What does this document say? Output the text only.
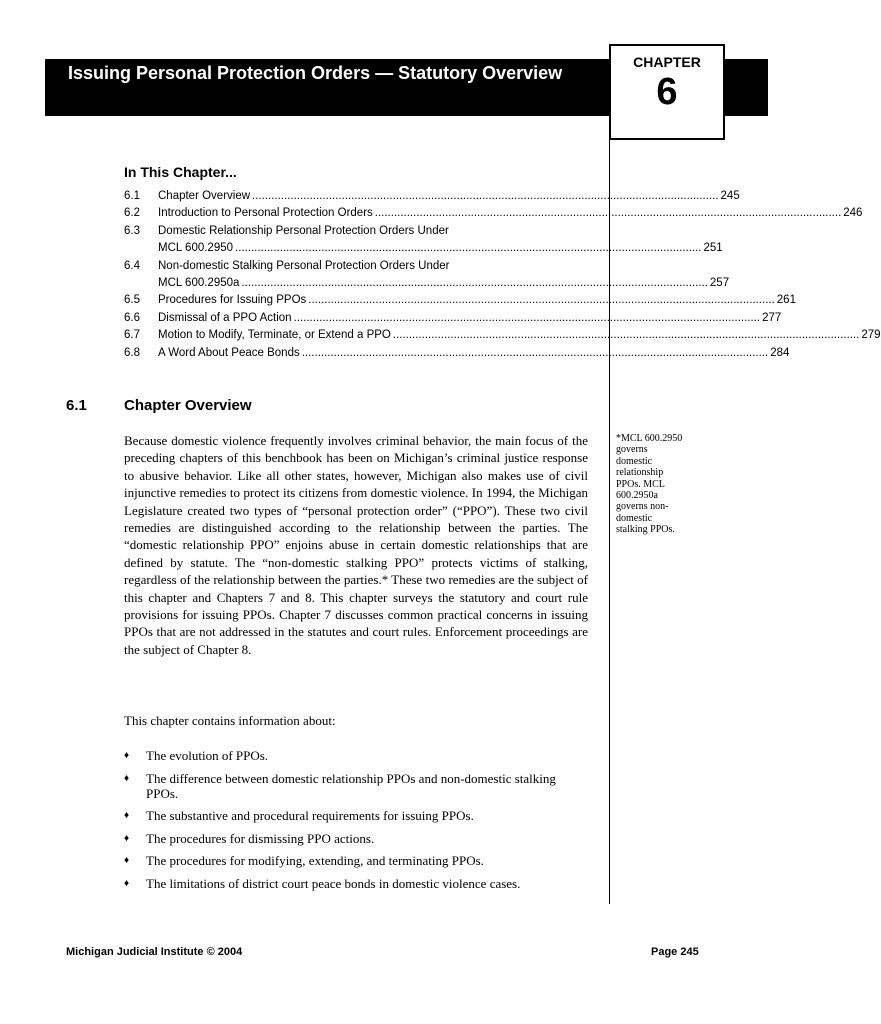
Issuing Personal Protection Orders — Statutory Overview
CHAPTER
6
In This Chapter...
6.1	Chapter Overview .....	245
6.2	Introduction to Personal Protection Orders .....	246
6.3	Domestic Relationship Personal Protection Orders Under
MCL 600.2950 .....	251
6.4	Non-domestic Stalking Personal Protection Orders Under
MCL 600.2950a .....	257
6.5	Procedures for Issuing PPOs .....	261
6.6	Dismissal of a PPO Action .....	277
6.7	Motion to Modify, Terminate, or Extend a PPO .....	279
6.8	A Word About Peace Bonds .....	284
6.1 Chapter Overview

Because domestic violence frequently involves criminal behavior, the main focus of the preceding chapters of this benchbook has been on Michigan’s criminal justice response to abusive behavior. Like all other states, however, Michigan also makes use of civil injunctive remedies to protect its citizens from domestic violence. In 1994, the Michigan Legislature created two types of “personal protection order” (“PPO”). These two civil remedies are distinguished according to the relationship between the parties. The “domestic relationship PPO” enjoins abuse in certain domestic relationships that are defined by statute. The “non-domestic stalking PPO” protects victims of stalking, regardless of the relationship between the parties.* These two remedies are the subject of this chapter and Chapters 7 and 8. This chapter surveys the statutory and court rule provisions for issuing PPOs. Chapter 7 discusses common practical concerns in issuing PPOs that are not addressed in the statutes and court rules. Enforcement proceedings are the subject of Chapter 8.

This chapter contains information about:

♦ The evolution of PPOs.
♦ The difference between domestic relationship PPOs and non-domestic stalking PPOs.
♦ The substantive and procedural requirements for issuing PPOs.
♦ The procedures for dismissing PPO actions.
♦ The procedures for modifying, extending, and terminating PPOs.
♦ The limitations of district court peace bonds in domestic violence cases.
*MCL 600.2950 governs domestic relationship PPOs. MCL 600.2950a governs non-domestic stalking PPOs.
Michigan Judicial Institute © 2004	Page 245
